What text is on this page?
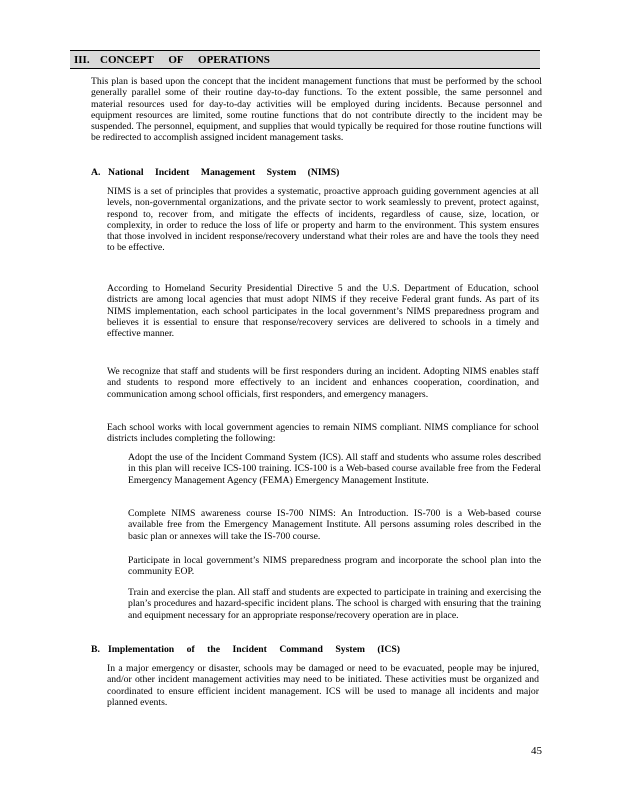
III. CONCEPT OF OPERATIONS

This plan is based upon the concept that the incident management functions that must be performed by the school generally parallel some of their routine day-to-day functions. To the extent possible, the same personnel and material resources used for day-to-day activities will be employed during incidents. Because personnel and equipment resources are limited, some routine functions that do not contribute directly to the incident may be suspended. The personnel, equipment, and supplies that would typically be required for those routine functions will be redirected to accomplish assigned incident management tasks.

A. National Incident Management System (NIMS)

NIMS is a set of principles that provides a systematic, proactive approach guiding government agencies at all levels, non-governmental organizations, and the private sector to work seamlessly to prevent, protect against, respond to, recover from, and mitigate the effects of incidents, regardless of cause, size, location, or complexity, in order to reduce the loss of life or property and harm to the environment. This system ensures that those involved in incident response/recovery understand what their roles are and have the tools they need to be effective.

According to Homeland Security Presidential Directive 5 and the U.S. Department of Education, school districts are among local agencies that must adopt NIMS if they receive Federal grant funds. As part of its NIMS implementation, each school participates in the local government’s NIMS preparedness program and believes it is essential to ensure that response/recovery services are delivered to schools in a timely and effective manner.

We recognize that staff and students will be first responders during an incident. Adopting NIMS enables staff and students to respond more effectively to an incident and enhances cooperation, coordination, and communication among school officials, first responders, and emergency managers.

Each school works with local government agencies to remain NIMS compliant. NIMS compliance for school districts includes completing the following:

Adopt the use of the Incident Command System (ICS). All staff and students who assume roles described in this plan will receive ICS-100 training. ICS-100 is a Web-based course available free from the Federal Emergency Management Agency (FEMA) Emergency Management Institute.
Complete NIMS awareness course IS-700 NIMS: An Introduction. IS-700 is a Web-based course available free from the Emergency Management Institute. All persons assuming roles described in the basic plan or annexes will take the IS-700 course.
Participate in local government’s NIMS preparedness program and incorporate the school plan into the community EOP.
Train and exercise the plan. All staff and students are expected to participate in training and exercising the plan’s procedures and hazard-specific incident plans. The school is charged with ensuring that the training and equipment necessary for an appropriate response/recovery operation are in place.
B. Implementation of the Incident Command System (ICS)

In a major emergency or disaster, schools may be damaged or need to be evacuated, people may be injured, and/or other incident management activities may need to be initiated. These activities must be organized and coordinated to ensure efficient incident management. ICS will be used to manage all incidents and major planned events.

45
